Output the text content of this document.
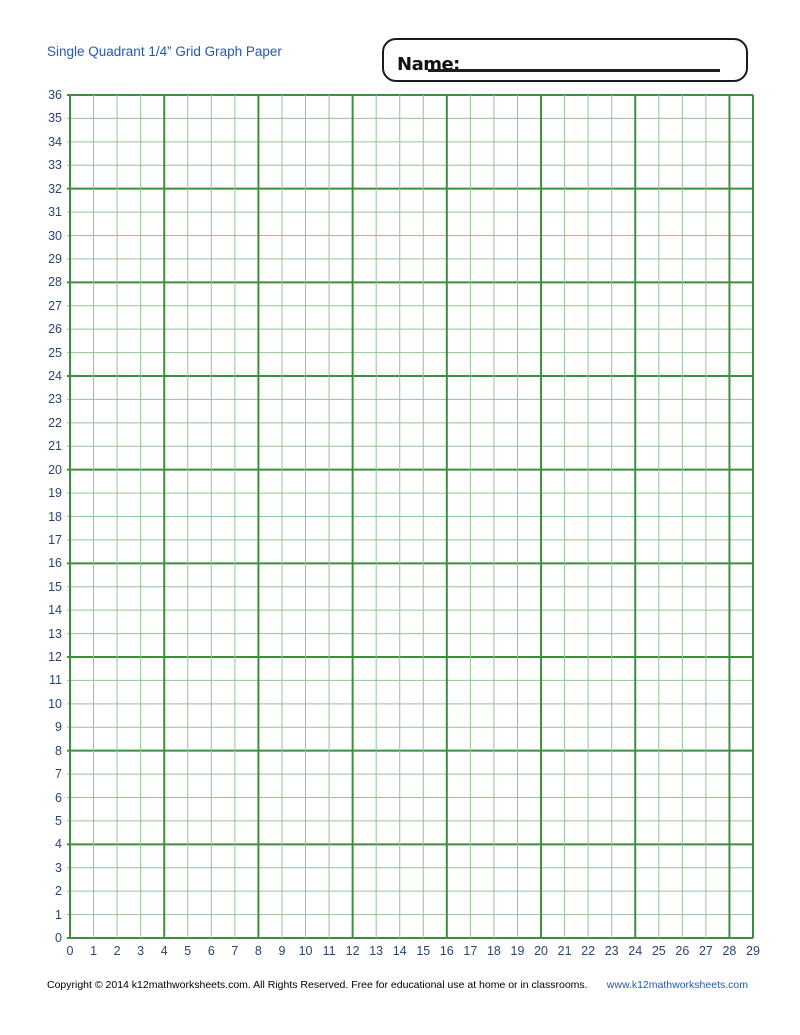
Single Quadrant 1/4” Grid Graph Paper
Name:
36
35
34
33
32
31
30
29
28
27
26
25
24
23
22
21
20
19
18
17
16
15
14
13
12
11
10
9
8
7
6
5
4
3
2
1
0
0	1	2	3	4	5	6	7	8	9	10 11 12 13 14 15 16 17 18 19 20 21 22 23 24 25 26 27 28 29
Copyright © 2014 k12mathworksheets.com. All Rights Reserved. Free for educational use at home or in classrooms. www.k12mathworksheets.com
